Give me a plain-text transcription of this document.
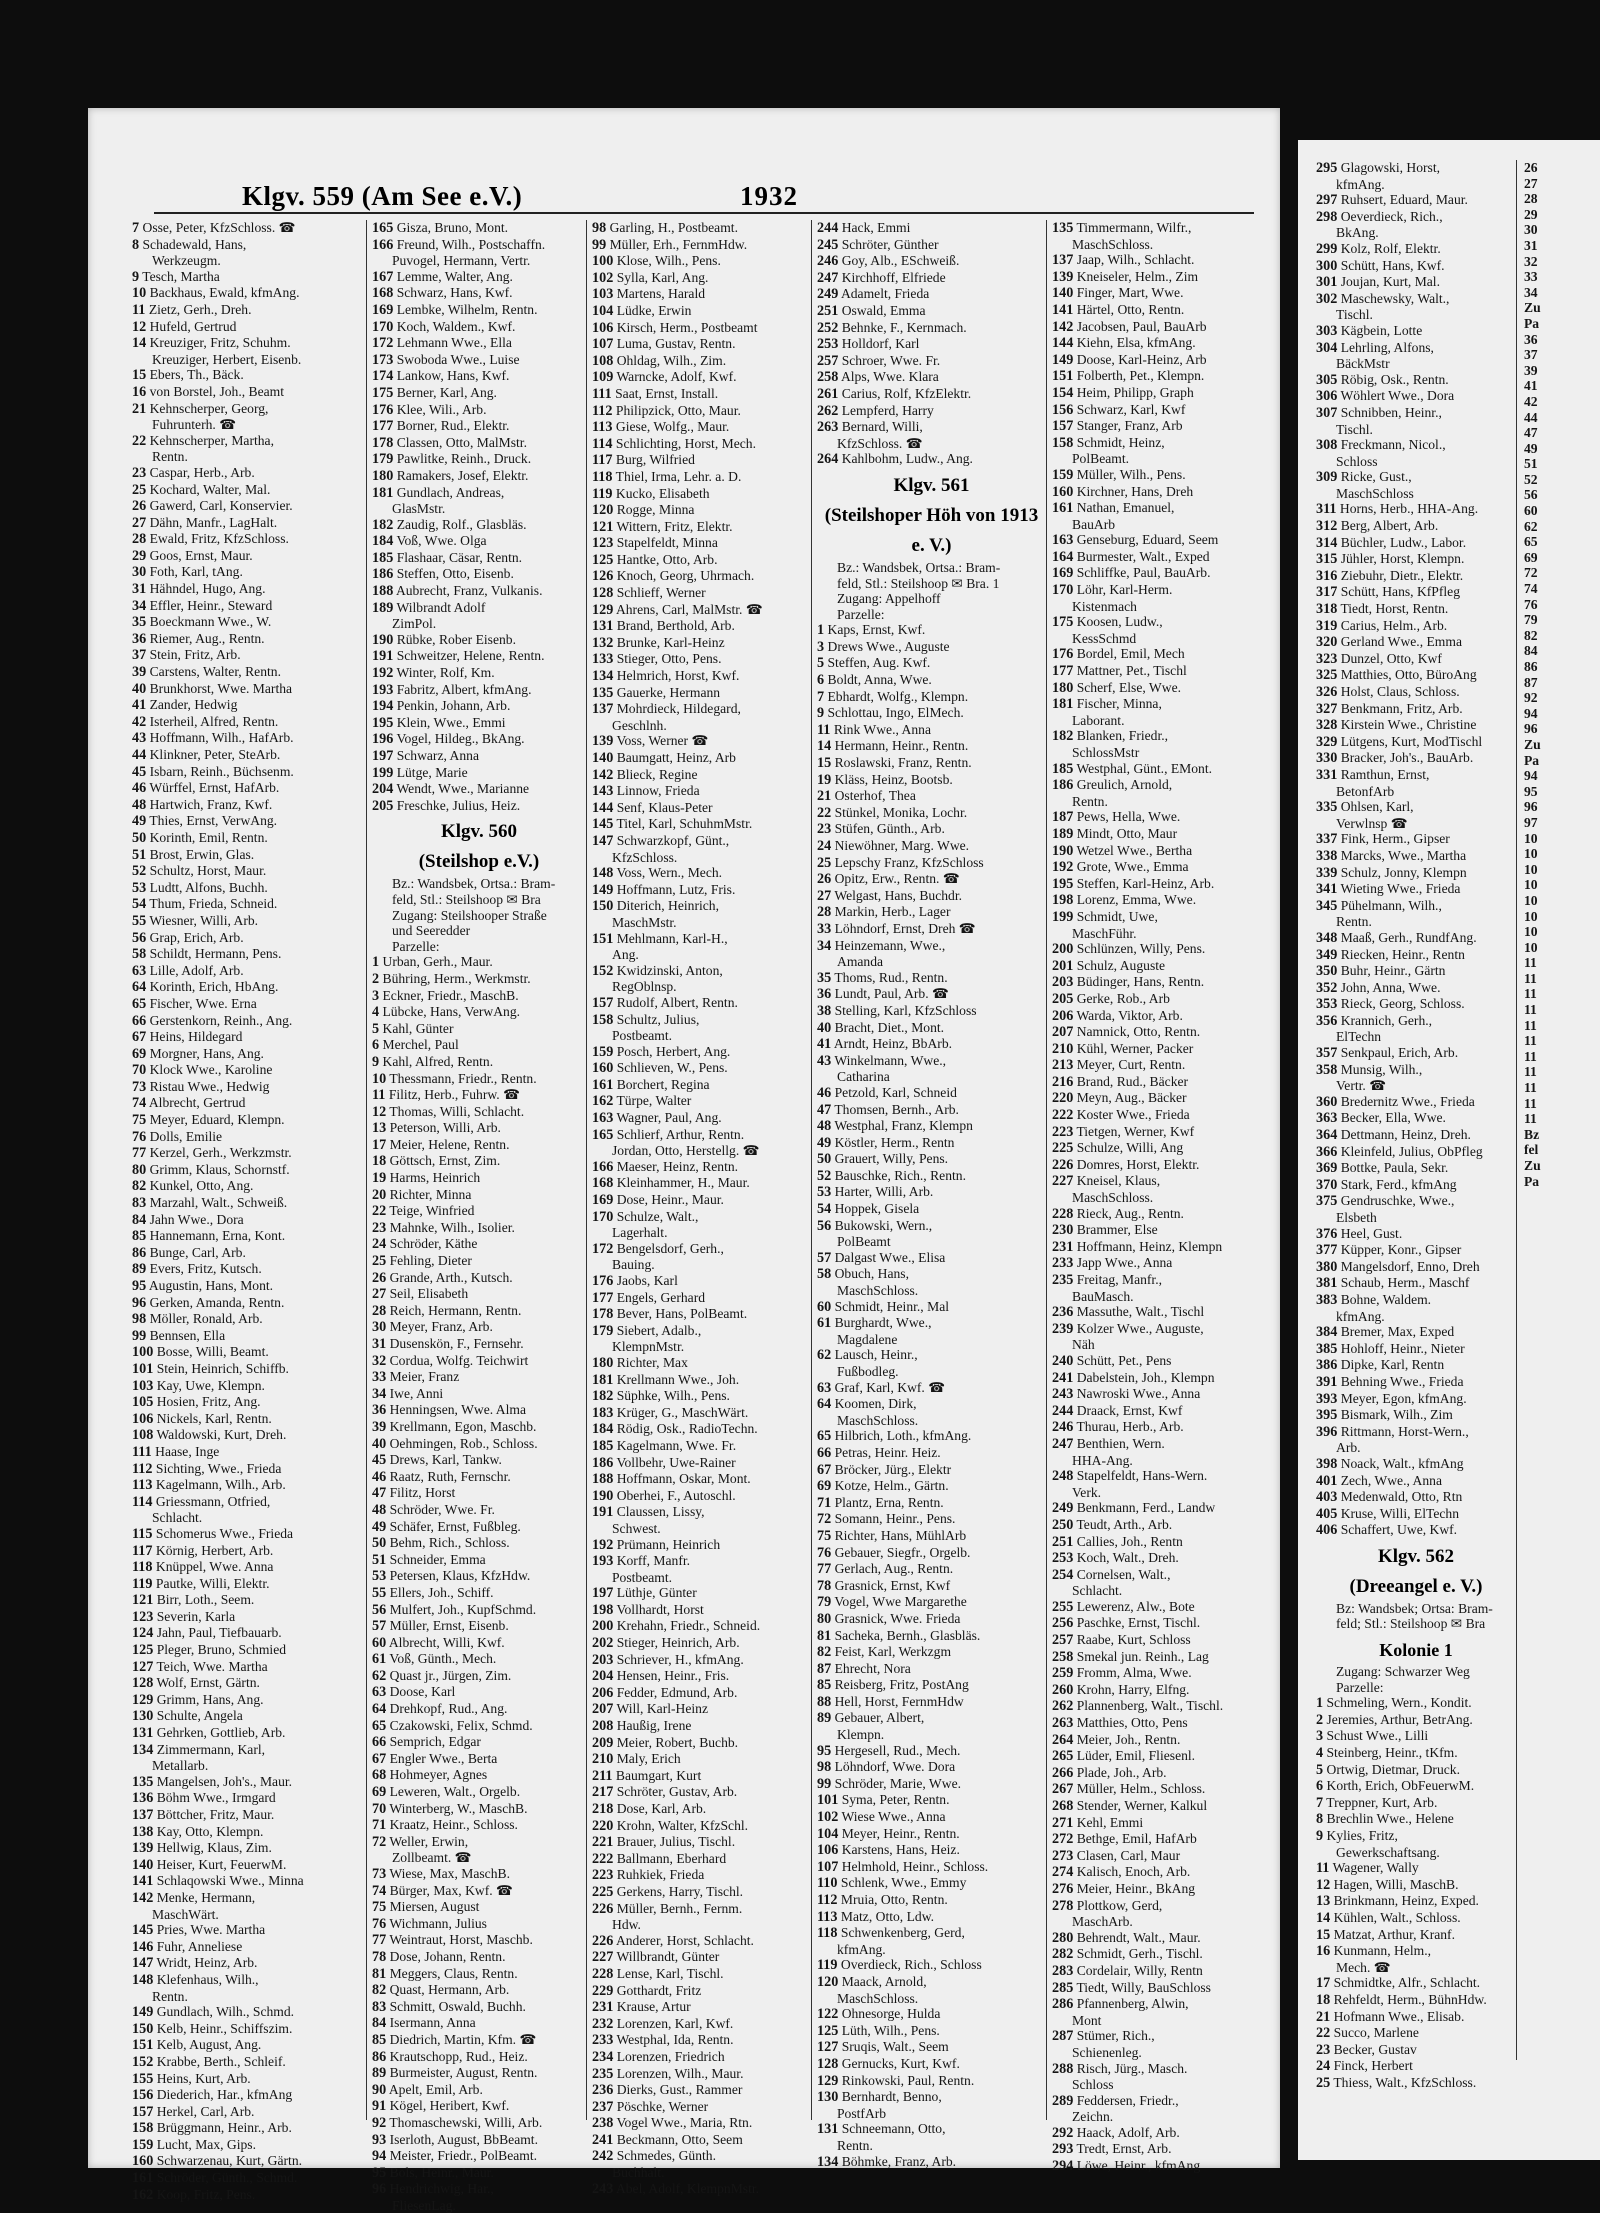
Klgv. 559 (Am See e.V.)	1932
7 Osse, Peter, KfzSchloss. ☎
8 Schadewald, Hans,
Werkzeugm.
9 Tesch, Martha
10 Backhaus, Ewald, kfmAng.
11 Zietz, Gerh., Dreh.
12 Hufeld, Gertrud
14 Kreuziger, Fritz, Schuhm.
Kreuziger, Herbert, Eisenb.
15 Ebers, Th., Bäck.
16 von Borstel, Joh., Beamt
21 Kehnscherper, Georg,
Fuhrunterh. ☎
22 Kehnscherper, Martha,
Rentn.
23 Caspar, Herb., Arb.
25 Kochard, Walter, Mal.
26 Gawerd, Carl, Konservier.
27 Dähn, Manfr., LagHalt.
28 Ewald, Fritz, KfzSchloss.
29 Goos, Ernst, Maur.
30 Foth, Karl, tAng.
31 Hähndel, Hugo, Ang.
34 Effler, Heinr., Steward
35 Boeckmann Wwe., W.
36 Riemer, Aug., Rentn.
37 Stein, Fritz, Arb.
39 Carstens, Walter, Rentn.
40 Brunkhorst, Wwe. Martha
41 Zander, Hedwig
42 Isterheil, Alfred, Rentn.
43 Hoffmann, Wilh., HafArb.
44 Klinkner, Peter, SteArb.
45 Isbarn, Reinh., Büchsenm.
46 Würffel, Ernst, HafArb.
48 Hartwich, Franz, Kwf.
49 Thies, Ernst, VerwAng.
50 Korinth, Emil, Rentn.
51 Brost, Erwin, Glas.
52 Schultz, Horst, Maur.
53 Ludtt, Alfons, Buchh.
54 Thum, Frieda, Schneid.
55 Wiesner, Willi, Arb.
56 Grap, Erich, Arb.
58 Schildt, Hermann, Pens.
63 Lille, Adolf, Arb.
64 Korinth, Erich, HbAng.
65 Fischer, Wwe. Erna
66 Gerstenkorn, Reinh., Ang.
67 Heins, Hildegard
69 Morgner, Hans, Ang.
70 Klock Wwe., Karoline
73 Ristau Wwe., Hedwig
74 Albrecht, Gertrud
75 Meyer, Eduard, Klempn.
76 Dolls, Emilie
77 Kerzel, Gerh., Werkzmstr.
80 Grimm, Klaus, Schornstf.
82 Kunkel, Otto, Ang.
83 Marzahl, Walt., Schweiß.
84 Jahn Wwe., Dora
85 Hannemann, Erna, Kont.
86 Bunge, Carl, Arb.
89 Evers, Fritz, Kutsch.
95 Augustin, Hans, Mont.
96 Gerken, Amanda, Rentn.
98 Möller, Ronald, Arb.
99 Bennsen, Ella
100 Bosse, Willi, Beamt.
101 Stein, Heinrich, Schiffb.
103 Kay, Uwe, Klempn.
105 Hosien, Fritz, Ang.
106 Nickels, Karl, Rentn.
108 Waldowski, Kurt, Dreh.
111 Haase, Inge
112 Sichting, Wwe., Frieda
113 Kagelmann, Wilh., Arb.
114 Griessmann, Otfried,
Schlacht.
115 Schomerus Wwe., Frieda
117 Körnig, Herbert, Arb.
118 Knüppel, Wwe. Anna
119 Pautke, Willi, Elektr.
121 Birr, Loth., Seem.
123 Severin, Karla
124 Jahn, Paul, Tiefbauarb.
125 Pleger, Bruno, Schmied
127 Teich, Wwe. Martha
128 Wolf, Ernst, Gärtn.
129 Grimm, Hans, Ang.
130 Schulte, Angela
131 Gehrken, Gottlieb, Arb.
134 Zimmermann, Karl,
Metallarb.
135 Mangelsen, Joh's., Maur.
136 Böhm Wwe., Irmgard
137 Böttcher, Fritz, Maur.
138 Kay, Otto, Klempn.
139 Hellwig, Klaus, Zim.
140 Heiser, Kurt, FeuerwM.
141 Schlaqowski Wwe., Minna
142 Menke, Hermann,
MaschWärt.
145 Pries, Wwe. Martha
146 Fuhr, Anneliese
147 Wridt, Heinz, Arb.
148 Klefenhaus, Wilh.,
Rentn.
149 Gundlach, Wilh., Schmd.
150 Kelb, Heinr., Schiffszim.
151 Kelb, August, Ang.
152 Krabbe, Berth., Schleif.
155 Heins, Kurt, Arb.
156 Diederich, Har., kfmAng
157 Herkel, Carl, Arb.
158 Brüggmann, Heinr., Arb.
159 Lucht, Max, Gips.
160 Schwarzenau, Kurt, Gärtn.
161 Schröder, Günth., Schmd.
162 Koop, Fritz, Pens.
165 Gisza, Bruno, Mont.
166 Freund, Wilh., Postschaffn.
Puvogel, Hermann, Vertr.
167 Lemme, Walter, Ang.
168 Schwarz, Hans, Kwf.
169 Lembke, Wilhelm, Rentn.
170 Koch, Waldem., Kwf.
172 Lehmann Wwe., Ella
173 Swoboda Wwe., Luise
174 Lankow, Hans, Kwf.
175 Berner, Karl, Ang.
176 Klee, Wili., Arb.
177 Borner, Rud., Elektr.
178 Classen, Otto, MalMstr.
179 Pawlitke, Reinh., Druck.
180 Ramakers, Josef, Elektr.
181 Gundlach, Andreas,
GlasMstr.
182 Zaudig, Rolf., Glasbläs.
184 Voß, Wwe. Olga
185 Flashaar, Cäsar, Rentn.
186 Steffen, Otto, Eisenb.
188 Aubrecht, Franz, Vulkanis.
189 Wilbrandt Adolf
ZimPol.
190 Rübke, Rober Eisenb.
191 Schweitzer, Helene, Rentn.
192 Winter, Rolf, Km.
193 Fabritz, Albert, kfmAng.
194 Penkin, Johann, Arb.
195 Klein, Wwe., Emmi
196 Vogel, Hildeg., BkAng.
197 Schwarz, Anna
199 Lütge, Marie
204 Wendt, Wwe., Marianne
205 Freschke, Julius, Heiz.
Klgv. 560
(Steilshop e.V.)
Bz.: Wandsbek, Ortsa.: Bram-
feld, Stl.: Steilshoop ✉ Bra
Zugang: Steilshooper Straße
und Seeredder
Parzelle:
1 Urban, Gerh., Maur.
2 Bühring, Herm., Werkmstr.
3 Eckner, Friedr., MaschB.
4 Lübcke, Hans, VerwAng.
5 Kahl, Günter
6 Merchel, Paul
9 Kahl, Alfred, Rentn.
10 Thessmann, Friedr., Rentn.
11 Filitz, Herb., Fuhrw. ☎
12 Thomas, Willi, Schlacht.
13 Peterson, Willi, Arb.
17 Meier, Helene, Rentn.
18 Göttsch, Ernst, Zim.
19 Harms, Heinrich
20 Richter, Minna
22 Teige, Winfried
23 Mahnke, Wilh., Isolier.
24 Schröder, Käthe
25 Fehling, Dieter
26 Grande, Arth., Kutsch.
27 Seil, Elisabeth
28 Reich, Hermann, Rentn.
30 Meyer, Franz, Arb.
31 Dusenskön, F., Fernsehr.
32 Cordua, Wolfg. Teichwirt
33 Meier, Franz
34 Iwe, Anni
36 Henningsen, Wwe. Alma
39 Krellmann, Egon, Maschb.
40 Oehmingen, Rob., Schloss.
45 Drews, Karl, Tankw.
46 Raatz, Ruth, Fernschr.
47 Filitz, Horst
48 Schröder, Wwe. Fr.
49 Schäfer, Ernst, Fußbleg.
50 Behm, Rich., Schloss.
51 Schneider, Emma
53 Petersen, Klaus, KfzHdw.
55 Ellers, Joh., Schiff.
56 Mulfert, Joh., KupfSchmd.
57 Müller, Ernst, Eisenb.
60 Albrecht, Willi, Kwf.
61 Voß, Günth., Mech.
62 Quast jr., Jürgen, Zim.
63 Doose, Karl
64 Drehkopf, Rud., Ang.
65 Czakowski, Felix, Schmd.
66 Semprich, Edgar
67 Engler Wwe., Berta
68 Hohmeyer, Agnes
69 Leweren, Walt., Orgelb.
70 Winterberg, W., MaschB.
71 Kraatz, Heinr., Schloss.
72 Weller, Erwin,
Zollbeamt. ☎
73 Wiese, Max, MaschB.
74 Bürger, Max, Kwf. ☎
75 Miersen, August
76 Wichmann, Julius
77 Weintraut, Horst, Maschb.
78 Dose, Johann, Rentn.
81 Meggers, Claus, Rentn.
82 Quast, Hermann, Arb.
83 Schmitt, Oswald, Buchh.
84 Isermann, Anna
85 Diedrich, Martin, Kfm. ☎
86 Krautschopp, Rud., Heiz.
89 Burmeister, August, Rentn.
90 Apelt, Emil, Arb.
91 Kögel, Heribert, Kwf.
92 Thomaschewski, Willi, Arb.
93 Iserloth, August, BbBeamt.
94 Meister, Friedr., PolBeamt.
95 Bols, Heinr., Maur.
96 Hendrichwig, Har.,
FliesenLag.
98 Garling, H., Postbeamt.
99 Müller, Erh., FernmHdw.
100 Klose, Wilh., Pens.
102 Sylla, Karl, Ang.
103 Martens, Harald
104 Lüdke, Erwin
106 Kirsch, Herm., Postbeamt
107 Luma, Gustav, Rentn.
108 Ohldag, Wilh., Zim.
109 Warncke, Adolf, Kwf.
111 Saat, Ernst, Install.
112 Philipzick, Otto, Maur.
113 Giese, Wolfg., Maur.
114 Schlichting, Horst, Mech.
117 Burg, Wilfried
118 Thiel, Irma, Lehr. a. D.
119 Kucko, Elisabeth
120 Rogge, Minna
121 Wittern, Fritz, Elektr.
123 Stapelfeldt, Minna
125 Hantke, Otto, Arb.
126 Knoch, Georg, Uhrmach.
128 Schlieff, Werner
129 Ahrens, Carl, MalMstr. ☎
131 Brand, Berthold, Arb.
132 Brunke, Karl-Heinz
133 Stieger, Otto, Pens.
134 Helmrich, Horst, Kwf.
135 Gauerke, Hermann
137 Mohrdieck, Hildegard,
Geschlnh.
139 Voss, Werner ☎
140 Baumgatt, Heinz, Arb
142 Blieck, Regine
143 Linnow, Frieda
144 Senf, Klaus-Peter
145 Titel, Karl, SchuhmMstr.
147 Schwarzkopf, Günt.,
KfzSchloss.
148 Voss, Wern., Mech.
149 Hoffmann, Lutz, Fris.
150 Diterich, Heinrich,
MaschMstr.
151 Mehlmann, Karl-H.,
Ang.
152 Kwidzinski, Anton,
RegOblnsp.
157 Rudolf, Albert, Rentn.
158 Schultz, Julius,
Postbeamt.
159 Posch, Herbert, Ang.
160 Schlieven, W., Pens.
161 Borchert, Regina
162 Türpe, Walter
163 Wagner, Paul, Ang.
165 Schlierf, Arthur, Rentn.
Jordan, Otto, Herstellg. ☎
166 Maeser, Heinz, Rentn.
168 Kleinhammer, H., Maur.
169 Dose, Heinr., Maur.
170 Schulze, Walt.,
Lagerhalt.
172 Bengelsdorf, Gerh.,
Bauing.
176 Jaobs, Karl
177 Engels, Gerhard
178 Bever, Hans, PolBeamt.
179 Siebert, Adalb.,
KlempnMstr.
180 Richter, Max
181 Krellmann Wwe., Joh.
182 Süphke, Wilh., Pens.
183 Krüger, G., MaschWärt.
184 Rödig, Osk., RadioTechn.
185 Kagelmann, Wwe. Fr.
186 Vollbehr, Uwe-Rainer
188 Hoffmann, Oskar, Mont.
190 Oberhei, F., Autoschl.
191 Claussen, Lissy,
Schwest.
192 Prümann, Heinrich
193 Korff, Manfr.
Postbeamt.
197 Lüthje, Günter
198 Vollhardt, Horst
200 Krehahn, Friedr., Schneid.
202 Stieger, Heinrich, Arb.
203 Schriever, H., kfmAng.
204 Hensen, Heinr., Fris.
206 Fedder, Edmund, Arb.
207 Will, Karl-Heinz
208 Haußig, Irene
209 Meier, Robert, Buchb.
210 Maly, Erich
211 Baumgart, Kurt
217 Schröter, Gustav, Arb.
218 Dose, Karl, Arb.
220 Krohn, Walter, KfzSchl.
221 Brauer, Julius, Tischl.
222 Ballmann, Eberhard
223 Ruhkiek, Frieda
225 Gerkens, Harry, Tischl.
226 Müller, Bernh., Fernm.
Hdw.
226 Anderer, Horst, Schlacht.
227 Willbrandt, Günter
228 Lense, Karl, Tischl.
229 Gotthardt, Fritz
231 Krause, Artur
232 Lorenzen, Karl, Kwf.
233 Westphal, Ida, Rentn.
234 Lorenzen, Friedrich
235 Lorenzen, Wilh., Maur.
236 Dierks, Gust., Rammer
237 Pöschke, Werner
238 Vogel Wwe., Maria, Rtn.
241 Beckmann, Otto, Seem
242 Schmedes, Günth.
Buchhalt.
243 Abel, Adolf, KlempnMstr.
244 Hack, Emmi
245 Schröter, Günther
246 Goy, Alb., ESchweiß.
247 Kirchhoff, Elfriede
249 Adamelt, Frieda
251 Oswald, Emma
252 Behnke, F., Kernmach.
253 Holldorf, Karl
257 Schroer, Wwe. Fr.
258 Alps, Wwe. Klara
261 Carius, Rolf, KfzElektr.
262 Lempferd, Harry
263 Bernard, Willi,
KfzSchloss. ☎
264 Kahlbohm, Ludw., Ang.
Klgv. 561
(Steilshoper Höh von 1913
e. V.)
Bz.: Wandsbek, Ortsa.: Bram-
feld, Stl.: Steilshoop ✉ Bra. 1
Zugang: Appelhoff
Parzelle:
1 Kaps, Ernst, Kwf.
3 Drews Wwe., Auguste
5 Steffen, Aug. Kwf.
6 Boldt, Anna, Wwe.
7 Ebhardt, Wolfg., Klempn.
9 Schlottau, Ingo, ElMech.
11 Rink Wwe., Anna
14 Hermann, Heinr., Rentn.
15 Roslawski, Franz, Rentn.
19 Kläss, Heinz, Bootsb.
21 Osterhof, Thea
22 Stünkel, Monika, Lochr.
23 Stüfen, Günth., Arb.
24 Niewöhner, Marg. Wwe.
25 Lepschy Franz, KfzSchloss
26 Opitz, Erw., Rentn. ☎
27 Welgast, Hans, Buchdr.
28 Markin, Herb., Lager
33 Löhndorf, Ernst, Dreh ☎
34 Heinzemann, Wwe.,
Amanda
35 Thoms, Rud., Rentn.
36 Lundt, Paul, Arb. ☎
38 Stelling, Karl, KfzSchloss
40 Bracht, Diet., Mont.
41 Arndt, Heinz, BbArb.
43 Winkelmann, Wwe.,
Catharina
46 Petzold, Karl, Schneid
47 Thomsen, Bernh., Arb.
48 Westphal, Franz, Klempn
49 Köstler, Herm., Rentn
50 Grauert, Willy, Pens.
52 Bauschke, Rich., Rentn.
53 Harter, Willi, Arb.
54 Hoppek, Gisela
56 Bukowski, Wern.,
PolBeamt
57 Dalgast Wwe., Elisa
58 Obuch, Hans,
MaschSchloss.
60 Schmidt, Heinr., Mal
61 Burghardt, Wwe.,
Magdalene
62 Lausch, Heinr.,
Fußbodleg.
63 Graf, Karl, Kwf. ☎
64 Koomen, Dirk,
MaschSchloss.
65 Hilbrich, Loth., kfmAng.
66 Petras, Heinr. Heiz.
67 Bröcker, Jürg., Elektr
69 Kotze, Helm., Gärtn.
71 Plantz, Erna, Rentn.
72 Somann, Heinr., Pens.
75 Richter, Hans, MühlArb
76 Gebauer, Siegfr., Orgelb.
77 Gerlach, Aug., Rentn.
78 Grasnick, Ernst, Kwf
79 Vogel, Wwe Margarethe
80 Grasnick, Wwe. Frieda
81 Sacheka, Bernh., Glasbläs.
82 Feist, Karl, Werkzgm
87 Ehrecht, Nora
85 Reisberg, Fritz, PostAng
88 Hell, Horst, FernmHdw
89 Gebauer, Albert,
Klempn.
95 Hergesell, Rud., Mech.
98 Löhndorf, Wwe. Dora
99 Schröder, Marie, Wwe.
101 Syma, Peter, Rentn.
102 Wiese Wwe., Anna
104 Meyer, Heinr., Rentn.
106 Karstens, Hans, Heiz.
107 Helmhold, Heinr., Schloss.
110 Schlenk, Wwe., Emmy
112 Mruia, Otto, Rentn.
113 Matz, Otto, Ldw.
118 Schwenkenberg, Gerd,
kfmAng.
119 Overdieck, Rich., Schloss
120 Maack, Arnold,
MaschSchloss.
122 Ohnesorge, Hulda
125 Lüth, Wilh., Pens.
127 Sruqis, Walt., Seem
128 Gernucks, Kurt, Kwf.
129 Rinkowski, Paul, Rentn.
130 Bernhardt, Benno,
PostfArb
131 Schneemann, Otto,
Rentn.
134 Böhmke, Franz, Arb.
135 Timmermann, Wilfr.,
MaschSchloss.
137 Jaap, Wilh., Schlacht.
139 Kneiseler, Helm., Zim
140 Finger, Mart, Wwe.
141 Härtel, Otto, Rentn.
142 Jacobsen, Paul, BauArb
144 Kiehn, Elsa, kfmAng.
149 Doose, Karl-Heinz, Arb
151 Folberth, Pet., Klempn.
154 Heim, Philipp, Graph
156 Schwarz, Karl, Kwf
157 Stanger, Franz, Arb
158 Schmidt, Heinz,
PolBeamt.
159 Müller, Wilh., Pens.
160 Kirchner, Hans, Dreh
161 Nathan, Emanuel,
BauArb
163 Genseburg, Eduard, Seem
164 Burmester, Walt., Exped
169 Schliffke, Paul, BauArb.
170 Löhr, Karl-Herm.
Kistenmach
175 Koosen, Ludw.,
KessSchmd
176 Bordel, Emil, Mech
177 Mattner, Pet., Tischl
180 Scherf, Else, Wwe.
181 Fischer, Minna,
Laborant.
182 Blanken, Friedr.,
SchlossMstr
185 Westphal, Günt., EMont.
186 Greulich, Arnold,
Rentn.
187 Pews, Hella, Wwe.
189 Mindt, Otto, Maur
190 Wetzel Wwe., Bertha
192 Grote, Wwe., Emma
195 Steffen, Karl-Heinz, Arb.
198 Lorenz, Emma, Wwe.
199 Schmidt, Uwe,
MaschFühr.
200 Schlünzen, Willy, Pens.
201 Schulz, Auguste
203 Büdinger, Hans, Rentn.
205 Gerke, Rob., Arb
206 Warda, Viktor, Arb.
207 Namnick, Otto, Rentn.
210 Kühl, Werner, Packer
213 Meyer, Curt, Rentn.
216 Brand, Rud., Bäcker
220 Meyn, Aug., Bäcker
222 Koster Wwe., Frieda
223 Tietgen, Werner, Kwf
225 Schulze, Willi, Ang
226 Domres, Horst, Elektr.
227 Kneisel, Klaus,
MaschSchloss.
228 Rieck, Aug., Rentn.
230 Brammer, Else
231 Hoffmann, Heinz, Klempn
233 Japp Wwe., Anna
235 Freitag, Manfr.,
BauMasch.
236 Massuthe, Walt., Tischl
239 Kolzer Wwe., Auguste,
Näh
240 Schütt, Pet., Pens
241 Dabelstein, Joh., Klempn
243 Nawroski Wwe., Anna
244 Draack, Ernst, Kwf
246 Thurau, Herb., Arb.
247 Benthien, Wern.
HHA-Ang.
248 Stapelfeldt, Hans-Wern.
Verk.
249 Benkmann, Ferd., Landw
250 Teudt, Arth., Arb.
251 Callies, Joh., Rentn
253 Koch, Walt., Dreh.
254 Cornelsen, Walt.,
Schlacht.
255 Lewerenz, Alw., Bote
256 Paschke, Ernst, Tischl.
257 Raabe, Kurt, Schloss
258 Smekal jun. Reinh., Lag
259 Fromm, Alma, Wwe.
260 Krohn, Harry, Elfng.
262 Plannenberg, Walt., Tischl.
263 Matthies, Otto, Pens
264 Meier, Joh., Rentn.
265 Lüder, Emil, Fliesenl.
266 Plade, Joh., Arb.
267 Müller, Helm., Schloss.
268 Stender, Werner, Kalkul
271 Kehl, Emmi
272 Bethge, Emil, HafArb
273 Clasen, Carl, Maur
274 Kalisch, Enoch, Arb.
276 Meier, Heinr., BkAng
278 Plottkow, Gerd,
MaschArb.
280 Behrendt, Walt., Maur.
282 Schmidt, Gerh., Tischl.
283 Cordelair, Willy, Rentn
285 Tiedt, Willy, BauSchloss
286 Pfannenberg, Alwin,
Mont
287 Stümer, Rich.,
Schienenleg.
288 Risch, Jürg., Masch.
Schloss
289 Feddersen, Friedr.,
Zeichn.
292 Haack, Adolf, Arb.
293 Tredt, Ernst, Arb.
294 Löwe, Heinr., kfmAng
295 Glagowski, Horst,
kfmAng.
297 Ruhsert, Eduard, Maur.
298 Oeverdieck, Rich.,
BkAng.
299 Kolz, Rolf, Elektr.
300 Schütt, Hans, Kwf.
301 Joujan, Kurt, Mal.
302 Maschewsky, Walt.,
Tischl.
303 Kägbein, Lotte
304 Lehrling, Alfons,
BäckMstr
305 Röbig, Osk., Rentn.
306 Wöhlert Wwe., Dora
307 Schnibben, Heinr.,
Tischl.
308 Freckmann, Nicol.,
Schloss
309 Ricke, Gust.,
MaschSchloss
311 Horns, Herb., HHA-Ang.
312 Berg, Albert, Arb.
314 Büchler, Ludw., Labor.
315 Jühler, Horst, Klempn.
316 Ziebuhr, Dietr., Elektr.
317 Schütt, Hans, KfPfleg
318 Tiedt, Horst, Rentn.
319 Carius, Helm., Arb.
320 Gerland Wwe., Emma
323 Dunzel, Otto, Kwf
325 Matthies, Otto, BüroAng
326 Holst, Claus, Schloss.
327 Benkmann, Fritz, Arb.
328 Kirstein Wwe., Christine
329 Lütgens, Kurt, ModTischl
330 Bracker, Joh's., BauArb.
331 Ramthun, Ernst,
BetonfArb
335 Ohlsen, Karl,
Verwlnsp ☎
337 Fink, Herm., Gipser
338 Marcks, Wwe., Martha
339 Schulz, Jonny, Klempn
341 Wieting Wwe., Frieda
345 Pühelmann, Wilh.,
Rentn.
348 Maaß, Gerh., RundfAng.
349 Riecken, Heinr., Rentn
350 Buhr, Heinr., Gärtn
352 John, Anna, Wwe.
353 Rieck, Georg, Schloss.
356 Krannich, Gerh.,
ElTechn
357 Senkpaul, Erich, Arb.
358 Munsig, Wilh.,
Vertr. ☎
360 Bredernitz Wwe., Frieda
363 Becker, Ella, Wwe.
364 Dettmann, Heinz, Dreh.
366 Kleinfeld, Julius, ObPfleg
369 Bottke, Paula, Sekr.
370 Stark, Ferd., kfmAng
375 Gendruschke, Wwe.,
Elsbeth
376 Heel, Gust.
377 Küpper, Konr., Gipser
380 Mangelsdorf, Enno, Dreh
381 Schaub, Herm., Maschf
383 Bohne, Waldem.
kfmAng.
384 Bremer, Max, Exped
385 Hohloff, Heinr., Nieter
386 Dipke, Karl, Rentn
391 Behning Wwe., Frieda
393 Meyer, Egon, kfmAng.
395 Bismark, Wilh., Zim
396 Rittmann, Horst-Wern.,
Arb.
398 Noack, Walt., kfmAng
401 Zech, Wwe., Anna
403 Medenwald, Otto, Rtn
405 Kruse, Willi, ElTechn
406 Schaffert, Uwe, Kwf.
Klgv. 562
(Dreeangel e. V.)
Bz: Wandsbek; Ortsa: Bram-
feld; Stl.: Steilshoop ✉ Bra
Kolonie 1
Zugang: Schwarzer Weg
Parzelle:
1 Schmeling, Wern., Kondit.
2 Jeremies, Arthur, BetrAng.
3 Schust Wwe., Lilli
4 Steinberg, Heinr., tKfm.
5 Ortwig, Dietmar, Druck.
6 Korth, Erich, ObFeuerwM.
7 Treppner, Kurt, Arb.
8 Brechlin Wwe., Helene
9 Kylies, Fritz,
Gewerkschaftsang.
11 Wagener, Wally
12 Hagen, Willi, MaschB.
13 Brinkmann, Heinz, Exped.
14 Kühlen, Walt., Schloss.
15 Matzat, Arthur, Kranf.
16 Kunmann, Helm.,
Mech. ☎
17 Schmidtke, Alfr., Schlacht.
18 Rehfeldt, Herm., BühnHdw.
21 Hofmann Wwe., Elisab.
22 Succo, Marlene
23 Becker, Gustav
24 Finck, Herbert
25 Thiess, Walt., KfzSchloss.
26
27
28
29
30
31
32
33
34
Zu
Pa
36
37
39
41
42
44
47
49
51
52
56
60
62
65
69
72
74
76
79
82
84
86
87
92
94
96
Zu
Pa
94
95
96
97
10
10
10
10
10
10
10
10
11
11
11
11
11
11
11
11
11
11
11
Bz
fel
Zu
Pa
